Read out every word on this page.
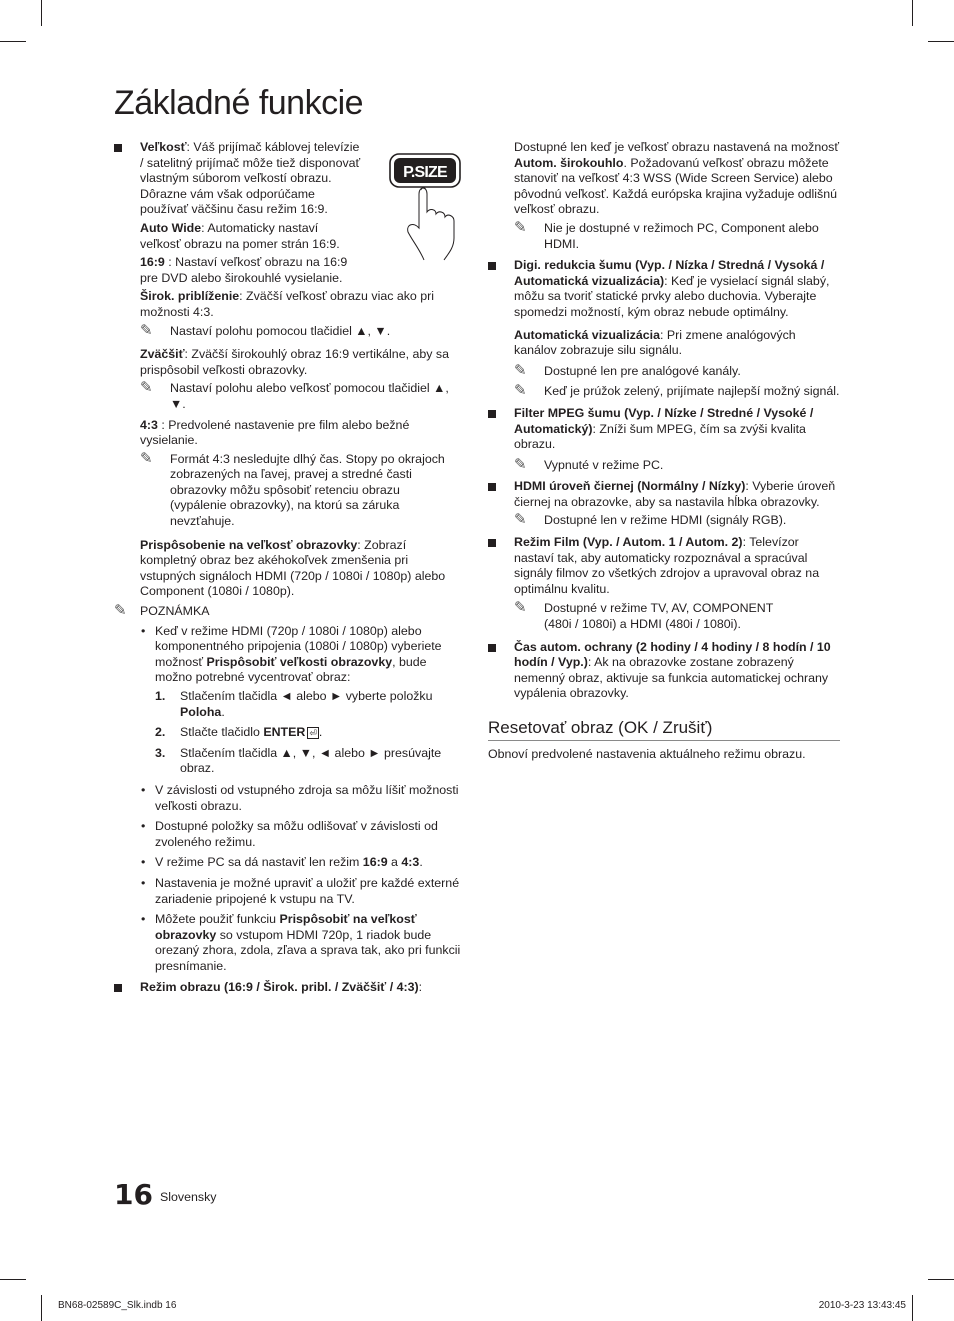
Základné funkcie
P.SIZE

Veľkosť: Váš prijímač káblovej televízie / satelitný prijímač môže tiež disponovať vlastným súborom veľkostí obrazu. Dôrazne vám však odporúčame používať väčšinu času režim 16:9.

Auto Wide: Automaticky nastaví veľkosť obrazu na pomer strán 16:9.

16:9 : Nastaví veľkosť obrazu na 16:9 pre DVD alebo širokouhlé vysielanie.

Širok. priblíženie: Zväčší veľkosť obrazu viac ako pri možnosti 4:3.

✎ Nastaví polohu pomocou tlačidiel ▲, ▼.

Zväčšiť: Zväčší širokouhlý obraz 16:9 vertikálne, aby sa prispôsobil veľkosti obrazovky.

✎ Nastaví polohu alebo veľkosť pomocou tlačidiel ▲, ▼.

4:3 : Predvolené nastavenie pre film alebo bežné vysielanie.

✎ Formát 4:3 nesledujte dlhý čas. Stopy po okrajoch zobrazených na ľavej, pravej a stredné časti obrazovky môžu spôsobiť retenciu obrazu (vypálenie obrazovky), na ktorú sa záruka nevzťahuje.

Prispôsobenie na veľkosť obrazovky: Zobrazí kompletný obraz bez akéhokoľvek zmenšenia pri vstupných signáloch HDMI (720p / 1080i / 1080p) alebo Component (1080i / 1080p).

✎ POZNÁMKA

• Keď v režime HDMI (720p / 1080i / 1080p) alebo komponentného pripojenia (1080i / 1080p) vyberiete možnosť Prispôsobiť veľkosti obrazovky, bude možno potrebné vycentrovať obraz:

1. Stlačením tlačidla ◄ alebo ► vyberte položku Poloha.

2. Stlačte tlačidlo ENTER ⏎ .

3. Stlačením tlačidla ▲, ▼, ◄ alebo ► presúvajte obraz.

• V závislosti od vstupného zdroja sa môžu líšiť možnosti veľkosti obrazu.

• Dostupné položky sa môžu odlišovať v závislosti od zvoleného režimu.

• V režime PC sa dá nastaviť len režim 16:9 a 4:3.

• Nastavenia je možné upraviť a uložiť pre každé externé zariadenie pripojené k vstupu na TV.

• Môžete použiť funkciu Prispôsobiť na veľkosť obrazovky so vstupom HDMI 720p, 1 riadok bude orezaný zhora, zdola, zľava a sprava tak, ako pri funkcii presnímanie.

Režim obrazu (16:9 / Širok. pribl. / Zväčšiť / 4:3):

Dostupné len keď je veľkosť obrazu nastavená na možnosť Autom. širokouhlo. Požadovanú veľkosť obrazu môžete stanoviť na veľkosť 4:3 WSS (Wide Screen Service) alebo pôvodnú veľkosť. Každá európska krajina vyžaduje odlišnú veľkosť obrazu.

✎ Nie je dostupné v režimoch PC, Component alebo HDMI.

Digi. redukcia šumu (Vyp. / Nízka / Stredná / Vysoká / Automatická vizualizácia): Keď je vysielací signál slabý, môžu sa tvoriť statické prvky alebo duchovia. Vyberajte spomedzi možností, kým obraz nebude optimálny.

Automatická vizualizácia: Pri zmene analógových kanálov zobrazuje silu signálu.

✎ Dostupné len pre analógové kanály.

✎ Keď je prúžok zelený, prijímate najlepší možný signál.

Filter MPEG šumu (Vyp. / Nízke / Stredné / Vysoké / Automatický): Zníži šum MPEG, čím sa zvýši kvalita obrazu.

✎ Vypnuté v režime PC.

HDMI úroveň čiernej (Normálny / Nízky): Vyberie úroveň čiernej na obrazovke, aby sa nastavila hĺbka obrazovky.

✎ Dostupné len v režime HDMI (signály RGB).

Režim Film (Vyp. / Autom. 1 / Autom. 2): Televízor nastaví tak, aby automaticky rozpoznával a spracúval signály filmov zo všetkých zdrojov a upravoval obraz na optimálnu kvalitu.

✎ Dostupné v režime TV, AV, COMPONENT (480i / 1080i) a HDMI (480i / 1080i).

Čas autom. ochrany (2 hodiny / 4 hodiny / 8 hodín / 10 hodín / Vyp.): Ak na obrazovke zostane zobrazený nemenný obraz, aktivuje sa funkcia automatickej ochrany vypálenia obrazovky.

Resetovať obraz (OK / Zrušiť)

Obnoví predvolené nastavenia aktuálneho režimu obrazu.

16 Slovensky
BN68-02589C_Slk.indb 16	2010-3-23 13:43:45
